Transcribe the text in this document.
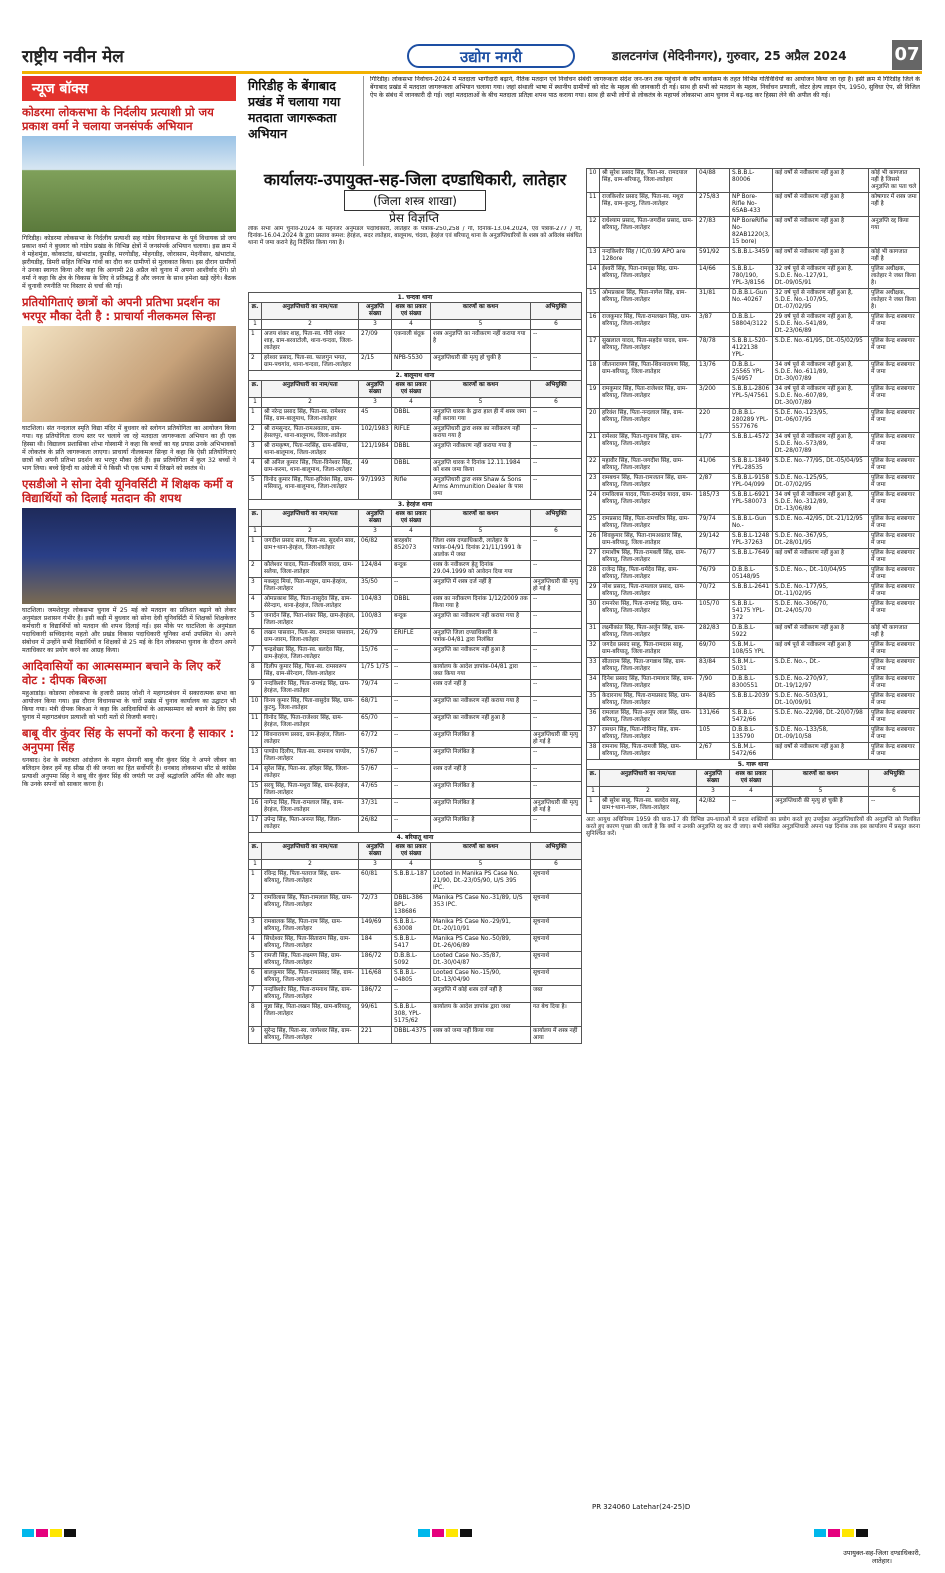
राष्ट्रीय नवीन मेल	उद्योग नगरी	डालटनगंज (मेदिनीनगर), गुरुवार, 25 अप्रैल 2024	07
न्यूज बॉक्स
कोडरमा लोकसभा के निर्दलीय प्रत्याशी प्रो जय प्रकाश वर्मा ने चलाया जनसंपर्क अभियान
गिरिडीह। कोडरमा लोकसभा के निर्दलीय प्रत्याशी सह गांडेय विधानसभा के पूर्व विधायक प्रो जय प्रकाश वर्मा ने बुधवार को गांडेय प्रखंड के विभिन्न क्षेत्रों में जनसंपर्क अभियान चलाया। इस क्रम में वे महेशमुंडा, कोकाटांड, खंभाटांड, दुमडीह, मरगोडीह, मोहनडीह, जोरासाम, मेदनीसार, खंभाटांड, झरीयडीह, डिमरी सहित विभिन्न गांवों का दौरा कर ग्रामीणों से मुलाकात किया। इस दौरान ग्रामीणों ने उनका स्वागत किया और कहा कि आगामी 28 अप्रैल को चुनाव में अपना आशीर्वाद देंगे। प्रो वर्मा ने कहा कि क्षेत्र के विकास के लिए वे प्रतिबद्ध हैं और जनता के साथ हमेशा खड़े रहेंगे। बैठक में चुनावी रणनीति पर विस्तार से चर्चा की गई।
प्रतियोगिताएं छात्रों को अपनी प्रतिभा प्रदर्शन का भरपूर मौका देती है : प्राचार्या नीलकमल सिन्हा
घाटशिला। संत नन्दलाल स्मृति विद्या मंदिर में बुधवार को स्लोगन प्रतियोगिता का आयोजन किया गया। यह प्रतियोगिता राज्य स्तर पर चलाये जा रहे मतदाता जागरूकता अभियान का ही एक हिस्सा थी। विद्यालय प्रशासिका शोभा गोस्वामी ने कहा कि बच्चों का यह प्रयास उनके अभिभावकों में लोकतंत्र के प्रति जागरूकता लाएगा। प्राचार्या नीलकमल सिन्हा ने कहा कि ऐसी प्रतियोगिताएं छात्रों को अपनी प्रतिभा प्रदर्शन का भरपूर मौका देती हैं। इस प्रतियोगिता में कुल 32 बच्चों ने भाग लिया। बच्चे हिन्दी या अंग्रेजी में ये किसी भी एक भाषा में लिखने को स्वतंत्र थे।
एसडीओ ने सोना देवी यूनिवर्सिटी में शिक्षक कर्मी व विद्यार्थियों को दिलाई मतदान की शपथ
घाटशिला। जमशेदपुर लोकसभा चुनाव में 25 मई को मतदान का प्रतिशत बढ़ाने को लेकर अनुमंडल प्रशासन गंभीर है। इसी कड़ी में बुधवार को सोना देवी यूनिवर्सिटी में शिक्षकों शिक्षकेत्तर कर्मचारी व विद्यार्थियों को मतदान की शपथ दिलाई गई। इस मौके पर घाटशिला के अनुमंडल पदाधिकारी सच्चिदानंद महतो और प्रखंड विकास पदाधिकारी यूनिका शर्मा उपस्थित थे। अपने संबोधन में उन्होंने सभी विद्यार्थियों व शिक्षकों से 25 मई के दिन लोकसभा चुनाव के दौरान अपने मताधिकार का प्रयोग करने का आग्रह किया।
आदिवासियों का आत्मसम्मान बचाने के लिए करें वोट : दीपक बिरुआ
महुआडांड़। कोडरमा लोकसभा के हजारी प्रसाद जोशी ने महागठबंधन में सकारात्मक सभा का आयोजन किया गया। इस दौरान विधानसभा के चारों प्रखंड में चुनाव कार्यालय का उद्घाटन भी किया गया। मंत्री दीपक बिरुआ ने कहा कि आदिवासियों के आत्मसम्मान को बचाने के लिए इस चुनाव में महागठबंधन प्रत्याशी को भारी मतों से विजयी बनाएं।
बाबू वीर कुंवर सिंह के सपनों को करना है साकार : अनुपमा सिंह
धनबाद। देश के स्वतंत्रता आंदोलन के महान सेनानी बाबू वीर कुंवर सिंह ने अपने जीवन का बलिदान देकर हमें यह सीख दी की जनता का हित सर्वोपरि है। धनबाद लोकसभा सीट से कांग्रेस प्रत्याशी अनुपमा सिंह ने बाबू वीर कुंवर सिंह की जयंती पर उन्हें श्रद्धांजलि अर्पित की और कहा कि उनके सपनों को साकार करना है।
गिरिडीह के बेंगाबाद प्रखंड में चलाया गया मतदाता जागरूकता अभियान
गिरिडीह। लोकसभा निर्वाचन-2024 में मतदाता भागीदारी बढ़ाने, नैतिक मतदान एवं निर्वाचन संबंधी जागरूकता संदेश जन-जन तक पहुंचाने के स्वीप कार्यक्रम के तहत विभिन्न गतिविधियों का आयोजन किया जा रहा है। इसी क्रम में गिरिडीह जिले के बेंगाबाद प्रखंड में मतदाता जागरूकता अभियान चलाया गया। जहां संथाली भाषा में स्थानीय ग्रामीणों को वोट के महत्व की जानकारी दी गई। साथ ही सभी को मतदान के महत्व, निर्वाचन प्रणाली, वोटर हेल्प लाइन ऐप, 1950, सुविधा ऐप, सी विजिल ऐप के संबंध में जानकारी दी गई। जहां मतदाताओं के बीच मतदाता प्रतिज्ञा शपथ पाठ कराया गया। साथ ही सभी लोगों से लोकतंत्र के महापर्व लोकसभा आम चुनाव में बढ़-चढ़ कर हिस्सा लेने की अपील की गई।
कार्यालयः-उपायुक्त-सह-जिला दण्डाधिकारी, लातेहार
(जिला शस्त्र शाखा)
प्रेस विज्ञप्ति
लोक सभा आम चुनाव-2024 के मद्देनजर अनुमंडल पदाधिकारी, लातेहार के पत्रांक-250,258 / गो, दिनांक-13.04.2024, एवं पत्रांक-277 / गो, दिनांक-16.04.2024 के द्वारा प्रस्ताव कमश: हेरहंज, सदर लातेहार, बालूमाथ, चंदवा, हेरहंज एवं बरियातू थाना के अनुज्ञप्तिधारियों के शस्त्र को अविलंब संबंधित थाना में जमा कराने हेतु निर्देशित किया गया है।
1. चन्दवा थाना					
क्र.	अनुज्ञप्तिधारी का नाम/पता	अनुज्ञप्ति संख्या	शस्त्र का प्रकार एवं संख्या	कारणों का कथन	अभियुक्ति
1	2	3	4	5	6
1	अजय शंकर शाह, पिता-स्व. गौरी शंकर शाह, ग्राम-बरवाटोली, थाना-चन्दवा, जिला-लातेहार	27/09	एकनाली बंदूक	शस्त्र अनुज्ञप्ति का नवीकरण नहीं कराया गया है	--
2	हरेश्वर प्रसाद, पिता-स्व. फालगुन भगत, ग्राम-पचगांव, थाना-चन्दवा, जिला-लातेहार	2/15	NPB-5530	अनुज्ञप्तिधारी की मृत्यु हो चुकी है	--
2. बालूमाथ थाना					
क्र.	अनुज्ञप्तिधारी का नाम/पता	अनुज्ञप्ति संख्या	शस्त्र का प्रकार एवं संख्या	कारणों का कथन	अभियुक्ति
1	2	3	4	5	6
1	श्री नरेन्द्र प्रसाद सिंह, पिता-स्व. रामेश्वर सिंह, ग्राम-बालूमाथ, जिला-लातेहार	45	DBBL	अनुज्ञप्ति धारक के द्वारा हाल ही में शस्त्र जमा नहीं कराया गया	--
2	श्री रामसुन्दर, पिता-रामअवतार, ग्राम-हेसलपुर, थाना-बालूमाथ, जिला-लातेहार	102/1983	RIFLE	अनुज्ञप्तिधारी द्वारा शस्त्र का नवीकरण नहीं कराया गया है	--
3	श्री रामकृष्ण, पिता-नरसिंह, ग्राम-बसिया, थाना-बालूमाथ, जिला-लातेहार	121/1984	DBBL	अनुज्ञप्ति नवीकरण नहीं कराया गया है	--
4	श्री अनिल कुमार सिंह, पिता-विनेश्वर सिंह, ग्राम-करमा, थाना-बालूमाथ, जिला-लातेहार	49	DBBL	अनुज्ञप्ति धारक ने दिनांक 12.11.1984 को शस्त्र जमा किया	--
5	विनोद कुमार सिंह, पिता-हरिवंश सिंह, ग्राम-मसियातू, थाना-बालूमाथ, जिला-लातेहार	97/1993	Rifle	अनुज्ञप्तिधारी द्वारा शस्त्र Shaw & Sons Arms Ammunition Dealer के पास जमा	--
3. हेरहंज थाना					
क्र.	अनुज्ञप्तिधारी का नाम/पता	अनुज्ञप्ति संख्या	शस्त्र का प्रकार एवं संख्या	कारणों का कथन	अभियुक्ति
1	2	3	4	5	6
1	जगदीश प्रसाद साव, पिता-स्व. सुदर्शन साव, ग्राम+थाना-हेरहंज, जिला-लातेहार	06/82	बारहबोर 852073	जिला शस्त्र दण्डाधिकारी, लातेहार के पत्रांक-04/91 दिनांक 21/11/1991 के आलोक में जब्त	--
2	कौलेश्वर यादव, पिता-वीरबलि यादव, ग्राम-सलैया, जिला-लातेहार	124/84	बन्दूक	शस्त्र के नवीकरण हेतु दिनांक 29.04.1999 को आवेदन दिया गया	--
3	मकसूद मियां, पिता-मरहूम, ग्राम-हेरहंज, जिला-लातेहार	35/50	--	अनुज्ञप्ति में शस्त्र दर्ज नहीं है	अनुज्ञप्तिधारी की मृत्यु हो गई है
4	ओमप्रकाश सिंह, पिता-वासुदेव सिंह, ग्राम-सेरेन्दाग, थाना-हेरहंज, जिला-लातेहार	104/83	DBBL	शस्त्र का नवीकरण दिनांक 1/12/2009 तक किया गया है	--
5	जनार्दन सिंह, पिता-शंकर सिंह, ग्राम-हेरहंज, जिला-लातेहार	100/83	बन्दूक	अनुज्ञप्ति का नवीकरण नहीं कराया गया है	--
6	लखन पासवान, पिता-स्व. रामदास पासवान, ग्राम-जारम, जिला-लातेहार	26/79	ERIFLE	अनुज्ञप्ति जिला दण्डाधिकारी के पत्रांक-04/81 द्वारा निलंबित	--
7	चन्द्रशेखर सिंह, पिता-स्व. बलदेव सिंह, ग्राम-हेरहंज, जिला-लातेहार	15/76	--	अनुज्ञप्ति का नवीकरण नहीं हुआ है	--
8	दिलीप कुमार सिंह, पिता-स्व. रामस्वरूप सिंह, ग्राम-सेरेन्दाग, जिला-लातेहार	1/75 1/75	--	कार्यालय के आदेश ज्ञापांक-04/81 द्वारा जब्त किया गया	--
9	नन्दकिशोर सिंह, पिता-रामचंद्र सिंह, ग्राम-हेरहंज, जिला-लातेहार	79/74	--	शस्त्र दर्ज नहीं है	--
10	विनय कुमार सिंह, पिता-वासुदेव सिंह, ग्राम-कुटमु, जिला-लातेहार	68/71	--	अनुज्ञप्ति का नवीकरण नहीं कराया गया है	--
11	विनोद सिंह, पिता-राजेश्वर सिंह, ग्राम-हेरहंज, जिला-लातेहार	65/70	--	अनुज्ञप्ति का नवीकरण नहीं हुआ है	--
12	शिवनारायण प्रसाद, ग्राम-हेरहंज, जिला-लातेहार	67/72	--	अनुज्ञप्ति निलंबित है	अनुज्ञप्तिधारी की मृत्यु हो गई है
13	पाण्डेय दिलीप, पिता-स्व. रामनाथ पाण्डेय, जिला-लातेहार	57/67	--	अनुज्ञप्ति निलंबित है	--
14	सुरेश सिंह, पिता-स्व. हरिहर सिंह, जिला-लातेहार	57/67	--	शस्त्र दर्ज नहीं है	--
15	सरयू सिंह, पिता-मथुरा सिंह, ग्राम-हेरहंज, जिला-लातेहार	47/65	--	अनुज्ञप्ति निलंबित है	--
16	नागेन्द्र सिंह, पिता-रामलाल सिंह, ग्राम-हेरहंज, जिला-लातेहार	37/31	--	अनुज्ञप्ति निलंबित है	अनुज्ञप्तिधारी की मृत्यु हो गई है
17	उपेन्द्र सिंह, पिता-अनन्त सिंह, जिला-लातेहार	26/82	--	अनुज्ञप्ति निलंबित है	--
4. बरियातू थाना					
क्र.	अनुज्ञप्तिधारी का नाम/पता	अनुज्ञप्ति संख्या	शस्त्र का प्रकार एवं संख्या	कारणों का कथन	अभियुक्ति
1	2	3	4	5	6
1	रविन्द्र सिंह, पिता-पतराज सिंह, ग्राम-बरियातू, जिला-लातेहार	60/81	S.B.B.L-187	Looted in Manika PS Case No. 21/90, Dt.-23/05/90, U/S 395 IPC.	सूचनार्थ
2	रामविलास सिंह, पिता-रामलाल सिंह, ग्राम-बरियातू, जिला-लातेहार	72/73	DBBL-386 BPL-138686	Manika PS Case No.-31/89, U/S 353 IPC.	सूचनार्थ
3	रामबालक सिंह, पिता-राम सिंह, ग्राम-बरियातू, जिला-लातेहार	149/69	S.B.B.L-63008	Manika PS Case No.-29/91, Dt.-20/10/91	सूचनार्थ
4	सिध्देश्वर सिंह, पिता-सिताराम सिंह, ग्राम-बरियातू, जिला-लातेहार	184	S.B.B.L-5417	Manika PS Case No.-50/89, Dt.-26/06/89	सूचनार्थ
5	रामजी सिंह, पिता-लक्ष्मण सिंह, ग्राम-बरियातू, जिला-लातेहार	186/72	D.B.B.L-5092	Looted Case No.-35/87, Dt.-30/04/87	सूचनार्थ
6	बालकुमार सिंह, पिता-रामप्रसाद सिंह, ग्राम-बरियातू, जिला-लातेहार	116/68	S.B.B.L-04805	Looted Case No.-15/90, Dt.-13/04/90	सूचनार्थ
7	नन्दकिशोर सिंह, पिता-रामनाथ सिंह, ग्राम-बरियातू, जिला-लातेहार	186/72	--	अनुज्ञप्ति में कोई शस्त्र दर्ज नहीं है	जब्त
8	मुन्ना सिंह, पिता-लखन सिंह, ग्राम-बरियातू, जिला-लातेहार	99/61	S.B.B.L-308, YPL-5175/62	कार्यालय के आदेश ज्ञापांक द्वारा जब्त	गत बेच दिया है।
9	सुरेन्द्र सिंह, पिता-स्व. जागेश्वर सिंह, ग्राम-बरियातू, जिला-लातेहार	221	DBBL-4375	शस्त्र को जमा नहीं किया गया	कार्यालय में शस्त्र नहीं आया
10	श्री सुरेश प्रसाद सिंह, पिता-स्व. रामदयाल सिंह, ग्राम-बरियातू, जिला-लातेहार	04/88	S.B.B.L-80006	कई वर्षों से नवीकरण नहीं हुआ है	कोई भी कागजात नहीं है जिससे अनुज्ञप्ति का पता चले
11	राजकिशोर प्रसाद सिंह, पिता-स्व. मथुरा सिंह, ग्राम-कुटमु, जिला-लातेहार	275/83	NP Bore-Rifle No-65AB-433	कई वर्षों से नवीकरण नहीं हुआ है	कोषागार में शस्त्र जमा नहीं है
12	राधेश्याम प्रसाद, पिता-जगदीश प्रसाद, ग्राम-बरियातू, जिला-लातेहार	27/83	NP BoreRifle No-82AB1220(3, 15 bore)	कई वर्षों से नवीकरण नहीं हुआ है	अनुज्ञप्ति रद्द किया गया
13	नन्दकिशोर सिंह / IC/0.99 APO are 128ore	591/92	S.B.B.L-3459	कई वर्षों से नवीकरण नहीं हुआ है	कोई भी कागजात नहीं है
14	ईश्वरी सिंह, पिता-रामवृक्ष सिंह, ग्राम-बरियातू, जिला-लातेहार	14/66	S.B.B.L-780/190, YPL-3/8156	32 वर्ष पूर्व से नवीकरण नहीं हुआ है, S.D.E. No.-127/91, Dt.-09/05/91	पुलिस अधीक्षक, लातेहार ने जब्त किया है।
15	ओमप्रकाश सिंह, पिता-नागेश सिंह, ग्राम-बरियातू, जिला-लातेहार	31/81	D.B.B.L-Gun No.-40267	32 वर्ष पूर्व से नवीकरण नहीं हुआ है, S.D.E. No.-107/95, Dt.-07/02/95	पुलिस अधीक्षक, लातेहार ने जब्त किया है।
16	राजकुमार सिंह, पिता-रामलखन सिंह, ग्राम-बरियातू, जिला-लातेहार	3/87	D.B.B.L-58804/3122	29 वर्ष पूर्व से नवीकरण नहीं हुआ है, S.D.E. No.-541/89, Dt.-23/06/89	पुलिस केन्द्र शस्त्रागार में जमा
17	सुखलाल यादव, पिता-सहदेव यादव, ग्राम-बरियातू, जिला-लातेहार	78/78	S.B.B.L-520-4122138 YPL-	S.D.E. No.-61/95, Dt.-05/02/95	पुलिस केन्द्र शस्त्रागार में जमा
18	जीतनारायण सिंह, पिता-शिवनारायण सिंह, ग्राम-बरियातू, जिला-लातेहार	13/76	D.B.B.L-25565 YPL-5/4957	34 वर्ष पूर्व से नवीकरण नहीं हुआ है, S.D.E. No.-611/89, Dt.-30/07/89	पुलिस केन्द्र शस्त्रागार में जमा
19	रामकुमार सिंह, पिता-राजेश्वर सिंह, ग्राम-बरियातू, जिला-लातेहार	3/200	S.B.B.L-2806 YPL-5/47561	34 वर्ष पूर्व से नवीकरण नहीं हुआ है, S.D.E. No.-607/89, Dt.-30/07/89	पुलिस केन्द्र शस्त्रागार में जमा
20	हरिवंश सिंह, पिता-नन्दलाल सिंह, ग्राम-बरियातू, जिला-लातेहार	220	D.B.B.L-280289 YPL-5577676	S.D.E. No.-123/95, Dt.-06/07/95	पुलिस केन्द्र शस्त्रागार में जमा
21	रामेश्वर सिंह, पिता-रघुनाथ सिंह, ग्राम-बरियातू, जिला-लातेहार	1/77	S.B.B.L-4572	34 वर्ष पूर्व से नवीकरण नहीं हुआ है, S.D.E. No.-573/89, Dt.-28/07/89	पुलिस केन्द्र शस्त्रागार में जमा
22	महावीर सिंह, पिता-जगदीश सिंह, ग्राम-बरियातू, जिला-लातेहार	41/06	S.B.B.L-1849 YPL-28535	S.D.E. No.-77/95, Dt.-05/04/95	पुलिस केन्द्र शस्त्रागार में जमा
23	रामबचन सिंह, पिता-रामजतन सिंह, ग्राम-बरियातू, जिला-लातेहार	2/87	S.B.B.L-9158 YPL-04/099	S.D.E. No.-125/95, Dt.-07/02/95	पुलिस केन्द्र शस्त्रागार में जमा
24	रामविलास यादव, पिता-रामदेव यादव, ग्राम-बरियातू, जिला-लातेहार	185/73	S.B.B.L-6921 YPL-580073	34 वर्ष पूर्व से नवीकरण नहीं हुआ है, S.D.E. No.-312/89, Dt.-13/06/89	पुलिस केन्द्र शस्त्रागार में जमा
25	रामप्रसाद सिंह, पिता-रामचरित्र सिंह, ग्राम-बरियातू, जिला-लातेहार	79/74	S.B.B.L-Gun No.-	S.D.E. No.-42/95, Dt.-21/12/95	पुलिस केन्द्र शस्त्रागार में जमा
26	शिवकुमार सिंह, पिता-रामअवतार सिंह, ग्राम-बरियातू, जिला-लातेहार	29/142	S.B.B.L-1248 YPL-37263	S.D.E. No.-367/95, Dt.-28/01/95	पुलिस केन्द्र शस्त्रागार में जमा
27	रामाशीष सिंह, पिता-रामबली सिंह, ग्राम-बरियातू, जिला-लातेहार	76/77	S.B.B.L-7649	कई वर्षों से नवीकरण नहीं हुआ है	पुलिस केन्द्र शस्त्रागार में जमा
28	राजेन्द्र सिंह, पिता-धर्मदेव सिंह, ग्राम-बरियातू, जिला-लातेहार	76/79	D.B.B.L-05148/95	S.D.E. No.-, Dt.-10/04/95	पुलिस केन्द्र शस्त्रागार में जमा
29	नरेश प्रसाद, पिता-रामलाल प्रसाद, ग्राम-बरियातू, जिला-लातेहार	70/72	S.B.B.L-2641	S.D.E. No.-177/95, Dt.-11/02/95	पुलिस केन्द्र शस्त्रागार में जमा
30	रामनरेश सिंह, पिता-रामचंद्र सिंह, ग्राम-बरियातू, जिला-लातेहार	105/70	S.B.B.L-54175 YPL-372	S.D.E. No.-306/70, Dt.-24/05/70	पुलिस केन्द्र शस्त्रागार में जमा
31	लक्ष्मीकांत सिंह, पिता-अर्जुन सिंह, ग्राम-बरियातू, जिला-लातेहार	282/83	D.B.B.L-5922	कई वर्षों से नवीकरण नहीं हुआ है	कोई भी कागजात नहीं है
32	जगदेव प्रसाद साहू, पिता-रामदास साहू, ग्राम-बरियातू, जिला-लातेहार	69/70	S.B.M.L-108/55 YPL	कई वर्ष पूर्व से नवीकरण नहीं हुआ है	पुलिस केन्द्र शस्त्रागार में जमा
33	सीताराम सिंह, पिता-जगन्नाथ सिंह, ग्राम-बरियातू, जिला-लातेहार	83/84	S.B.M.L-5031	S.D.E. No.-, Dt.-	पुलिस केन्द्र शस्त्रागार में जमा
34	दिनेश प्रसाद सिंह, पिता-रामाधार सिंह, ग्राम-बरियातू, जिला-लातेहार	7/90	D.B.B.L-8300551	S.D.E. No.-270/97, Dt.-19/12/97	पुलिस केन्द्र शस्त्रागार में जमा
35	केदारनाथ सिंह, पिता-रामप्रसाद सिंह, ग्राम-बरियातू, जिला-लातेहार	84/85	S.B.B.L-2039	S.D.E. No.-503/91, Dt.-10/09/91	पुलिस केन्द्र शस्त्रागार में जमा
36	रामलाल सिंह, पिता-अनूप लाल सिंह, ग्राम-बरियातू, जिला-लातेहार	131/66	S.B.B.L-5472/66	S.D.E. No.-22/98, Dt.-20/07/98	पुलिस केन्द्र शस्त्रागार में जमा
37	रामधन सिंह, पिता-गोविन्द सिंह, ग्राम-बरियातू, जिला-लातेहार	105	D.B.B.L-135790	S.D.E. No.-133/58, Dt.-09/10/58	पुलिस केन्द्र शस्त्रागार में जमा
38	रामनाथ सिंह, पिता-रामजी सिंह, ग्राम-बरियातू, जिला-लातेहार	2/67	S.B.M.L-5472/66	कई वर्षों से नवीकरण नहीं हुआ है	पुलिस केन्द्र शस्त्रागार में जमा
5. गारू थाना					
क्र.	अनुज्ञप्तिधारी का नाम/पता	अनुज्ञप्ति संख्या	शस्त्र का प्रकार एवं संख्या	कारणों का कथन	अभियुक्ति
1	2	3	4	5	6
1	श्री सुरेश साहू, पिता-स्व. बलदेव साहू, ग्राम+थाना-गारू, जिला-लातेहार	42/82	--	अनुज्ञप्तिधारी की मृत्यु हो चुकी है	--
अतः आयुध अधिनियम 1959 की धारा-17 की विभिन्न उप-धाराओं में प्रदत्त शक्तियों का प्रयोग करते हुए उपर्युक्त अनुज्ञप्तिधारियों की अनुज्ञप्ति को निलंबित करते हुए कारण पृच्छा की जाती है कि क्यों न उनकी अनुज्ञप्ति रद्द कर दी जाए। सभी संबंधित अनुज्ञप्तिधारी अपना पक्ष दिनांक तक इस कार्यालय में प्रस्तुत करना सुनिश्चित करें।
उपायुक्त-सह-जिला दण्डाधिकारी, लातेहार।
PR 324060 Latehar(24-25)D
